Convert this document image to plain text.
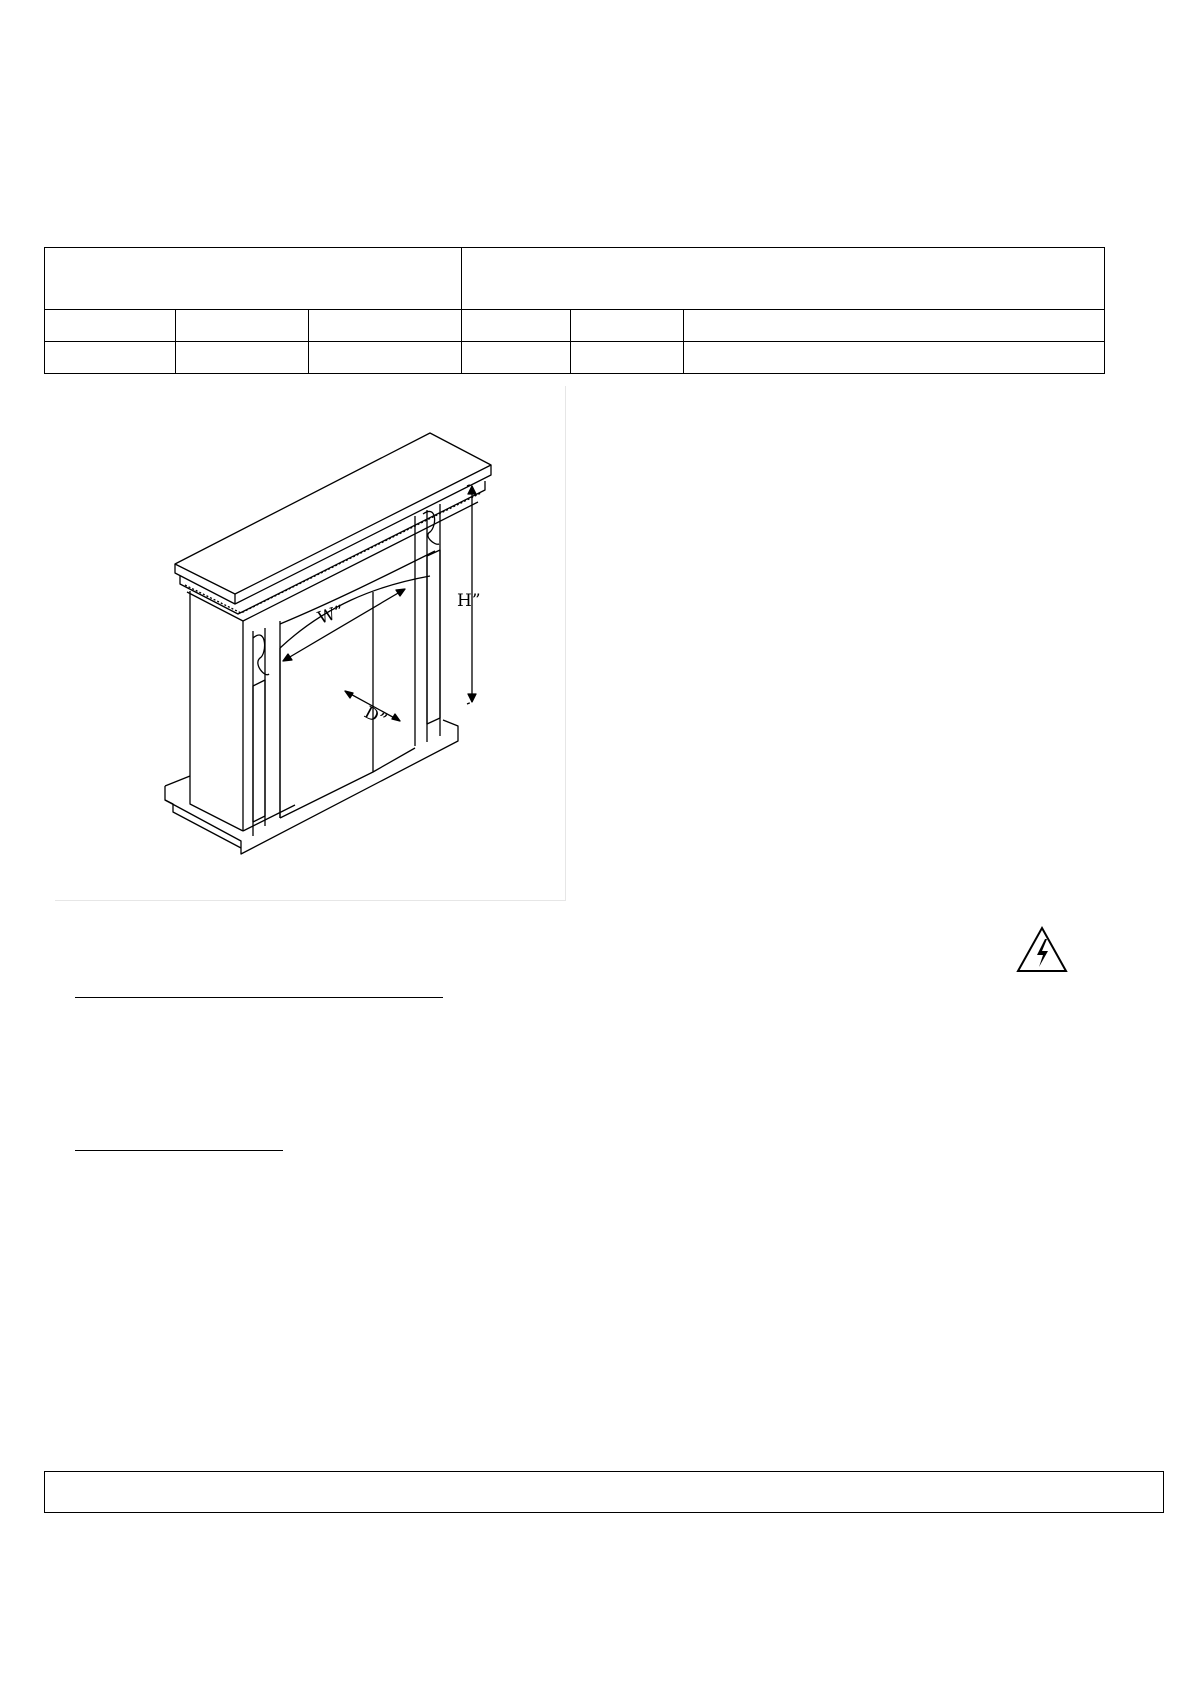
H”
W”
D”
